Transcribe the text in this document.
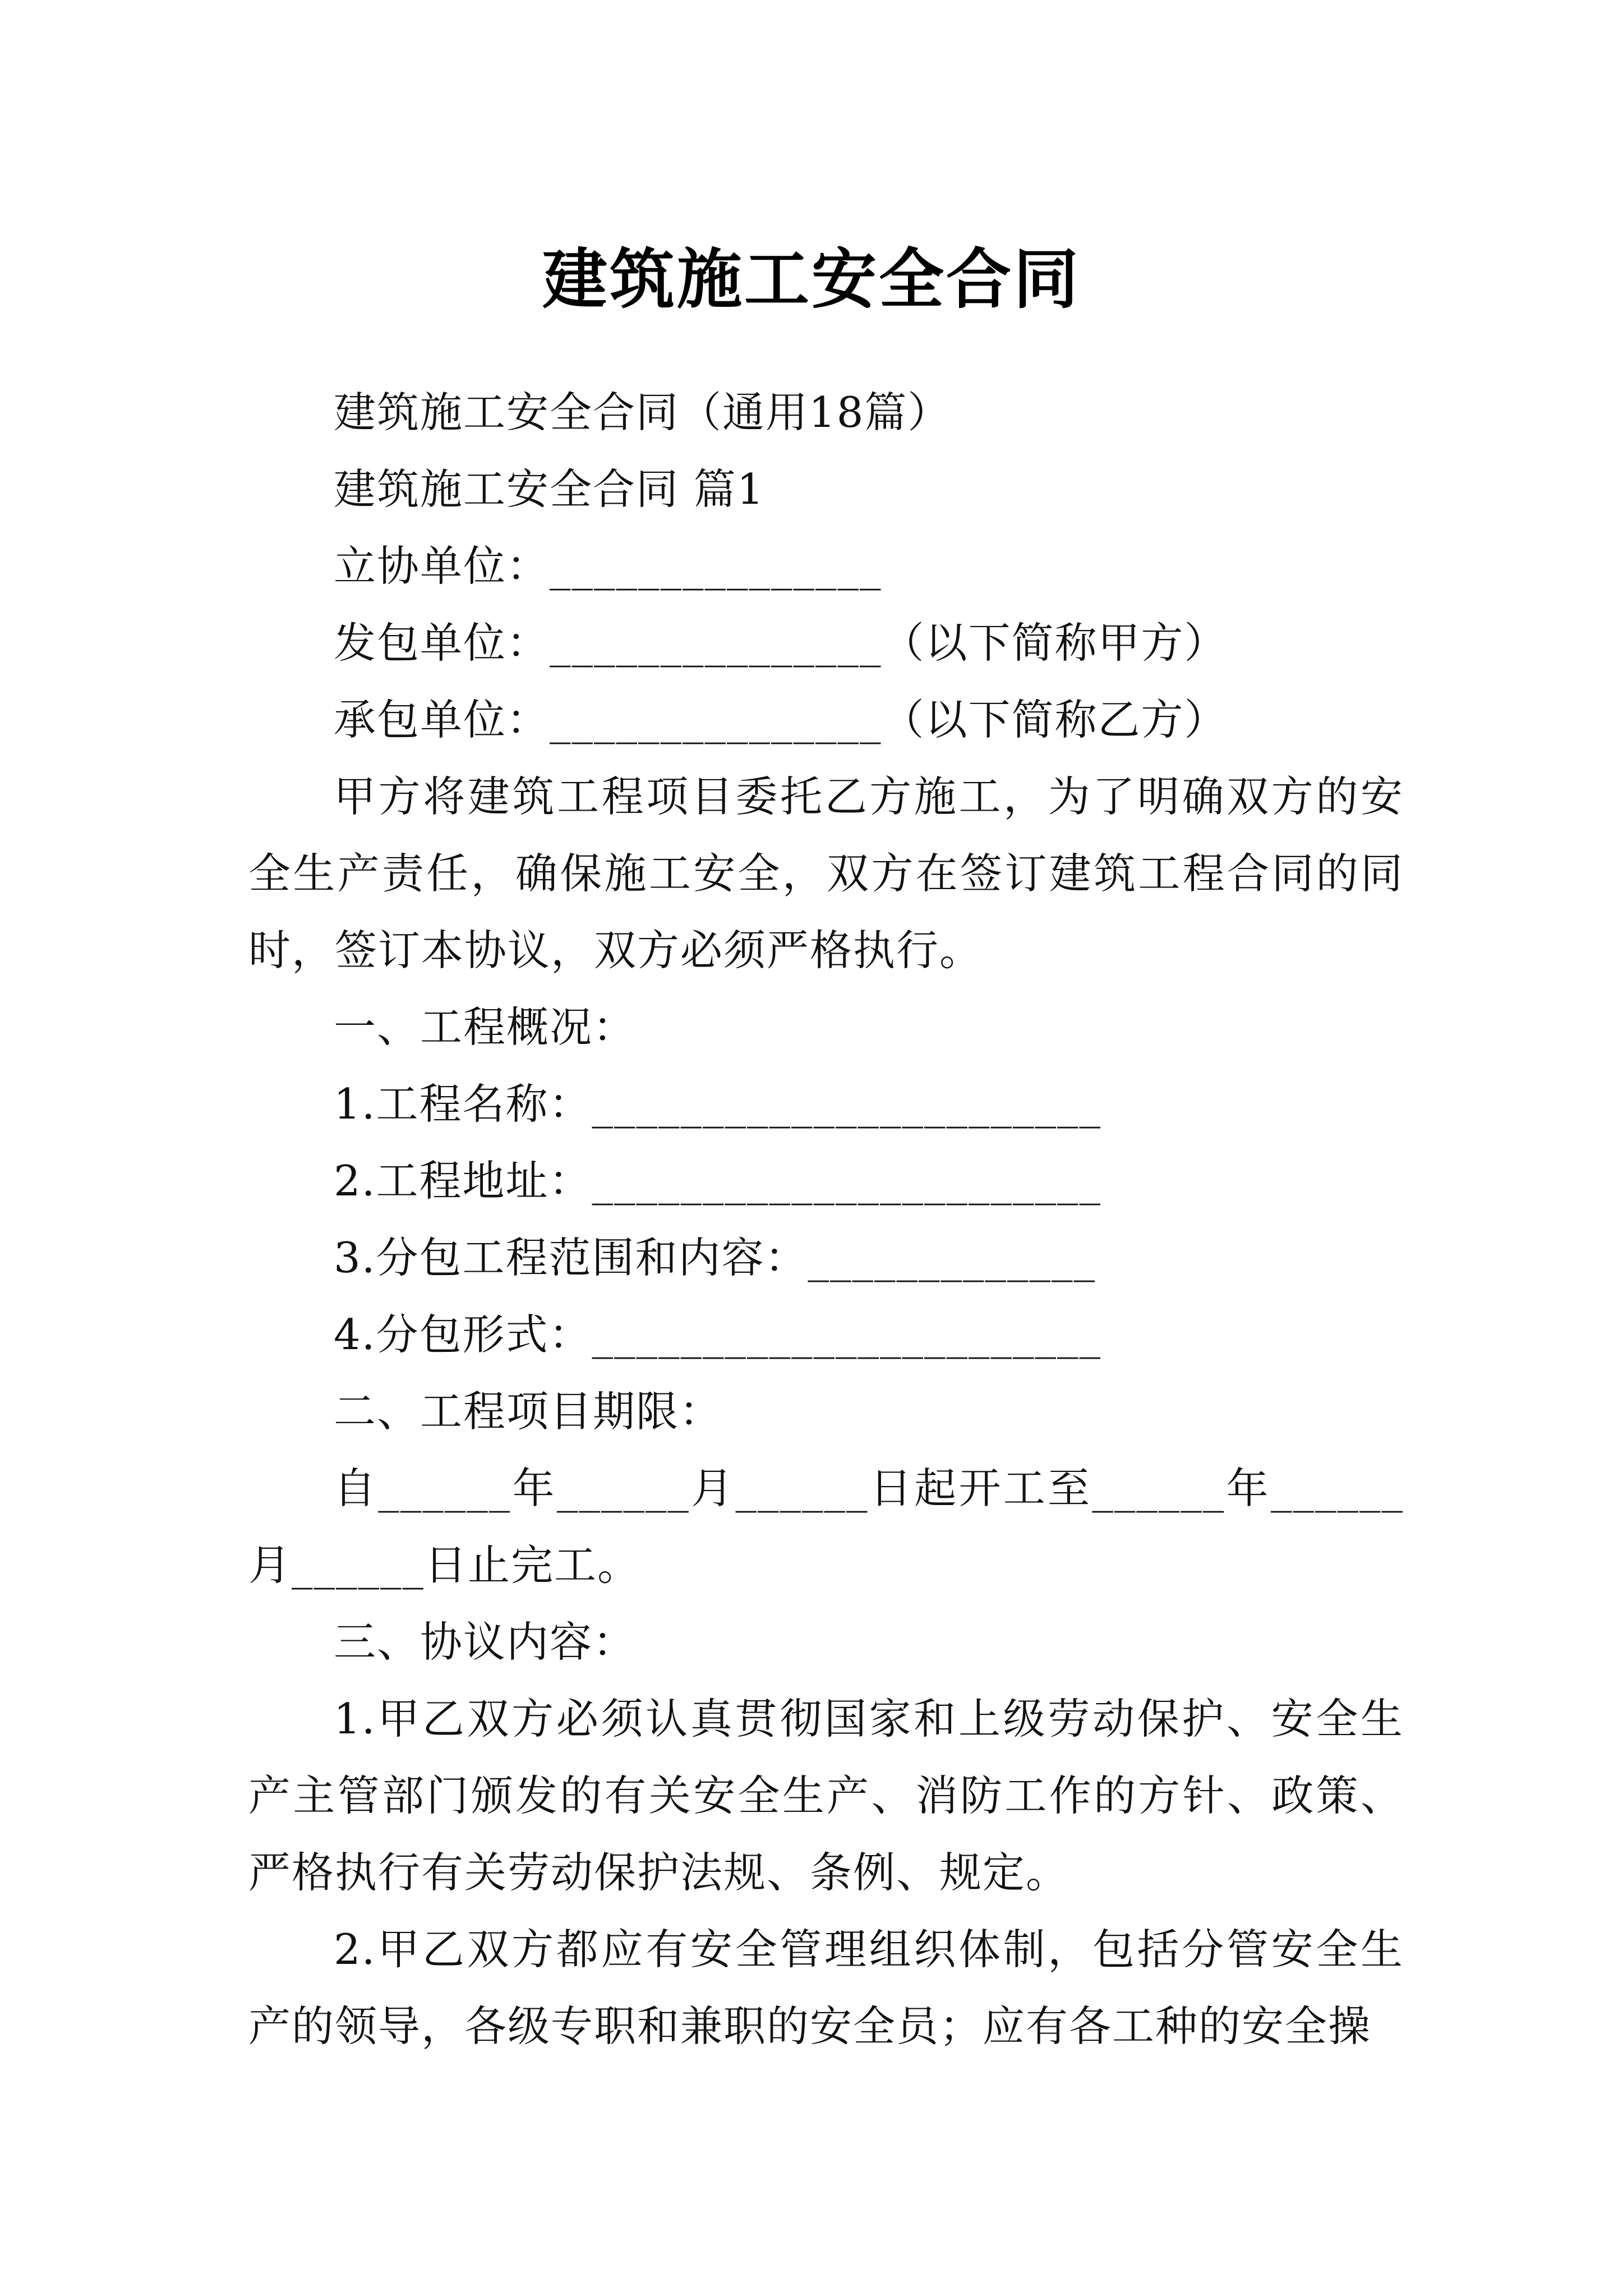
建筑施工安全合同

建筑施工安全合同（通用18篇）

建筑施工安全合同 篇1

立协单位：_______________

发包单位：_______________（以下简称甲方）

承包单位：_______________（以下简称乙方）

甲方将建筑工程项目委托乙方施工，为了明确双方的安全生产责任，确保施工安全，双方在签订建筑工程合同的同时，签订本协议，双方必须严格执行。

一、工程概况：

1.工程名称：_______________________

2.工程地址：_______________________

3.分包工程范围和内容：_____________

4.分包形式：_______________________

二、工程项目期限：

自______年______月______日起开工至______年______月______日止完工。

三、协议内容：

1.甲乙双方必须认真贯彻国家和上级劳动保护、安全生产主管部门颁发的有关安全生产、消防工作的方针、政策、严格执行有关劳动保护法规、条例、规定。

2.甲乙双方都应有安全管理组织体制，包括分管安全生产的领导，各级专职和兼职的安全员；应有各工种的安全操
